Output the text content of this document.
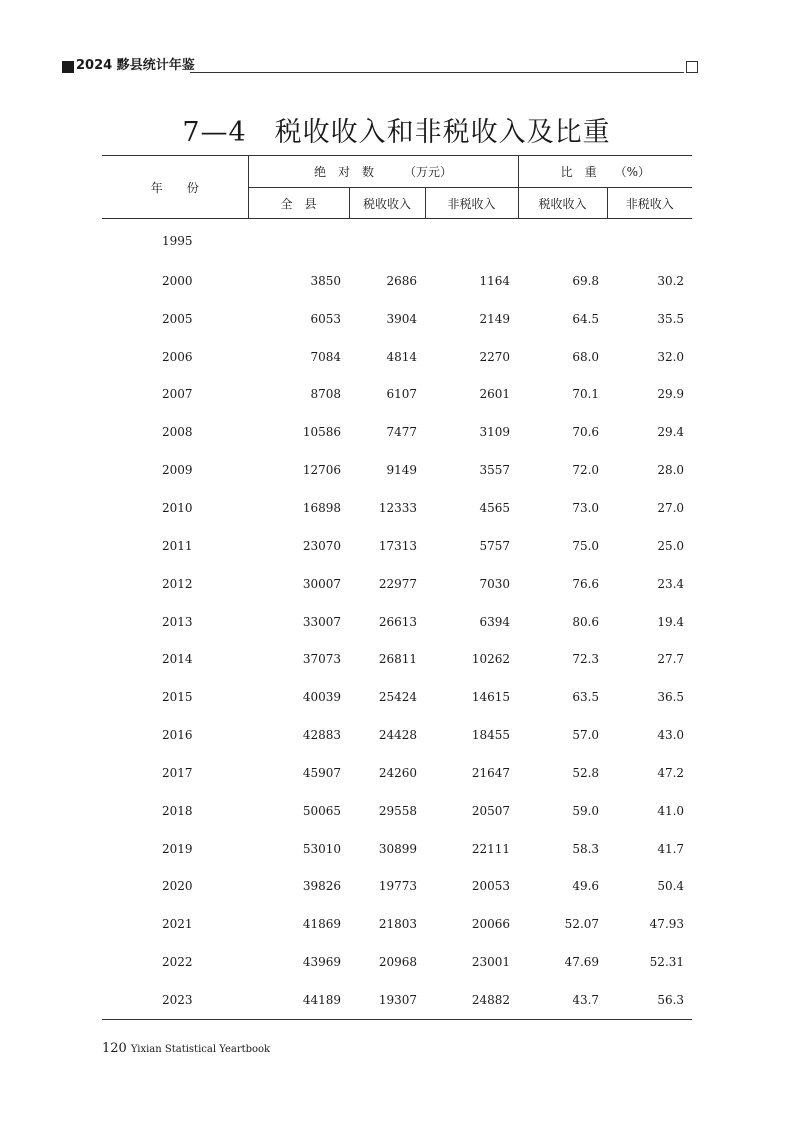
2024 黟县统计年鉴
7—4　税收收入和非税收入及比重
年　　份	绝　对　数　　　（万元）			比　重　　（%）	
	全　县	税收收入	非税收入	税收收入	非税收入
1995					
2000	3850	2686	1164	69.8	30.2
2005	6053	3904	2149	64.5	35.5
2006	7084	4814	2270	68.0	32.0
2007	8708	6107	2601	70.1	29.9
2008	10586	7477	3109	70.6	29.4
2009	12706	9149	3557	72.0	28.0
2010	16898	12333	4565	73.0	27.0
2011	23070	17313	5757	75.0	25.0
2012	30007	22977	7030	76.6	23.4
2013	33007	26613	6394	80.6	19.4
2014	37073	26811	10262	72.3	27.7
2015	40039	25424	14615	63.5	36.5
2016	42883	24428	18455	57.0	43.0
2017	45907	24260	21647	52.8	47.2
2018	50065	29558	20507	59.0	41.0
2019	53010	30899	22111	58.3	41.7
2020	39826	19773	20053	49.6	50.4
2021	41869	21803	20066	52.07	47.93
2022	43969	20968	23001	47.69	52.31
2023	44189	19307	24882	43.7	56.3
120 Yixian Statistical Yeartbook
